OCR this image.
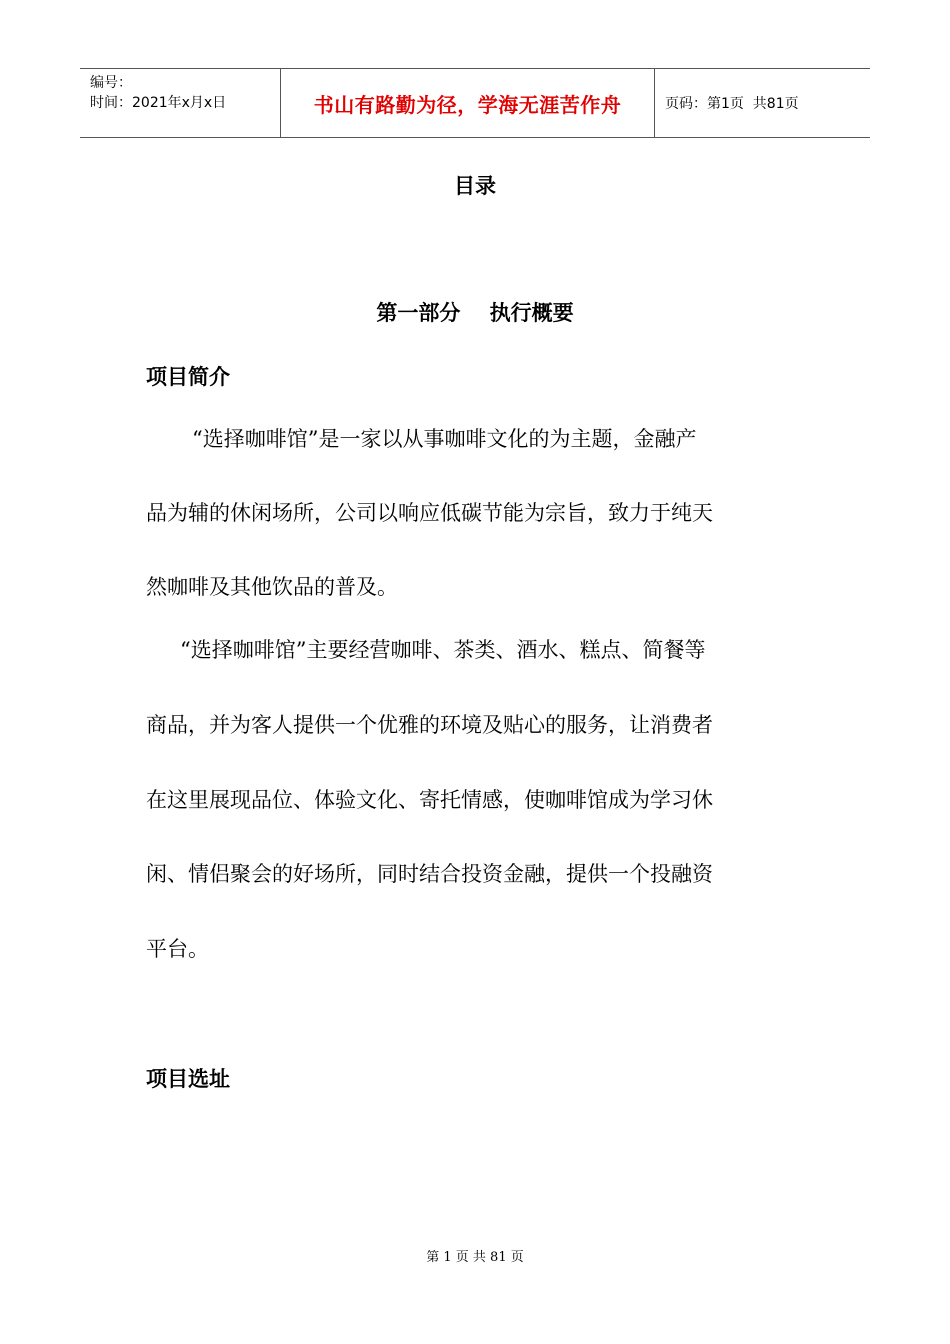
编号：
时间：2021年x月x日	书山有路勤为径，学海无涯苦作舟	页码：第1页  共81页
目录
第一部分    执行概要
项目简介
“选择咖啡馆”是一家以从事咖啡文化的为主题，金融产
品为辅的休闲场所，公司以响应低碳节能为宗旨，致力于纯天
然咖啡及其他饮品的普及。
“选择咖啡馆”主要经营咖啡、茶类、酒水、糕点、简餐等
商品，并为客人提供一个优雅的环境及贴心的服务，让消费者
在这里展现品位、体验文化、寄托情感，使咖啡馆成为学习休
闲、情侣聚会的好场所，同时结合投资金融，提供一个投融资
平台。
项目选址
第 1 页 共 81 页
